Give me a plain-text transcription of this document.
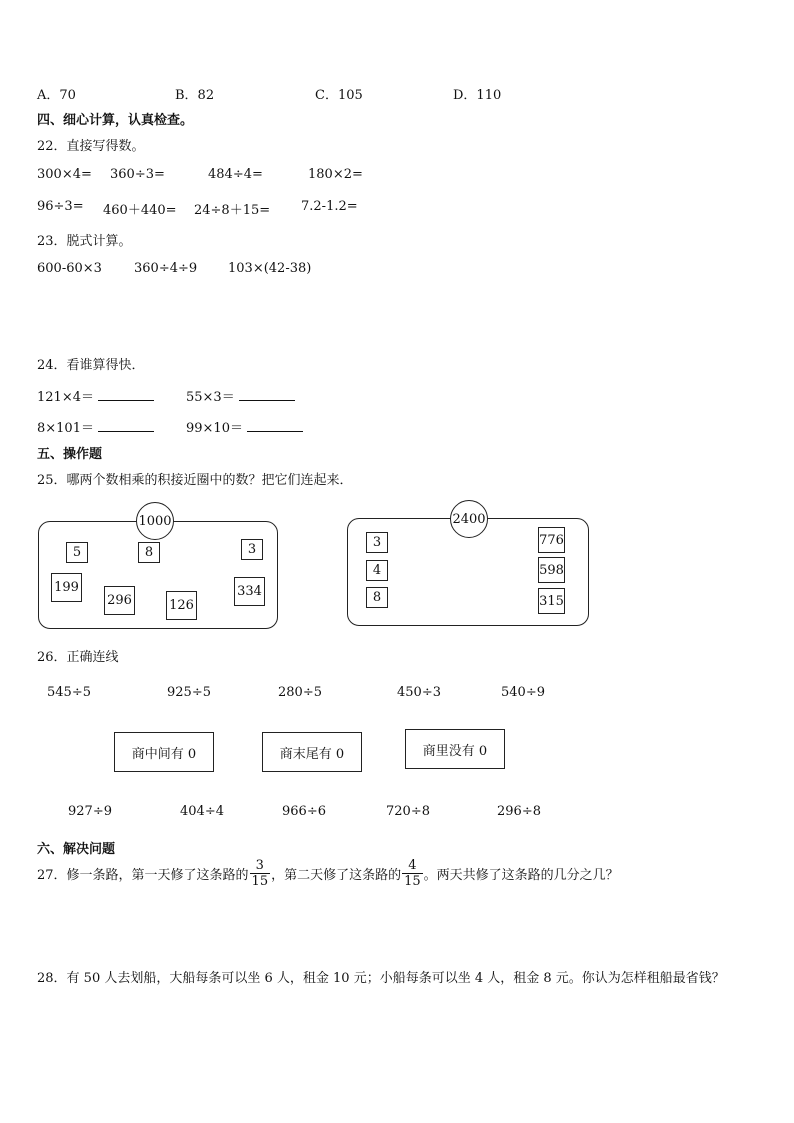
A．70	B．82	C．105	D．110
四、细心计算，认真检查。
22．直接写得数。
300×4= 360÷3=	484÷4=	180×2=
96÷3= 460＋440= 24÷8＋15= 7.2-1.2=
23．脱式计算。
600-60×3 360÷4÷9 103×(42-38)
24．看谁算得快．
121×4＝	55×3＝
8×101＝	99×10＝
五、操作题
25．哪两个数相乘的积接近圈中的数？把它们连起来．
1000
5	8	3
199
296	126
334
2400
3
4
8
776
598
315
26．正确连线
545÷5	925÷5	280÷5	450÷3	540÷9
商中间有 0	商末尾有 0	商里没有 0
927÷9	404÷4	966÷6	720÷8	296÷8
六、解决问题
27．修一条路，第一天修了这条路的 $\frac{3}{15}$ ，第二天修了这条路的 $\frac{4}{15}$ 。两天共修了这条路的几分之几？
28．有 50 人去划船，大船每条可以坐 6 人，租金 10 元；小船每条可以坐 4 人，租金 8 元。你认为怎样租船最省钱？
